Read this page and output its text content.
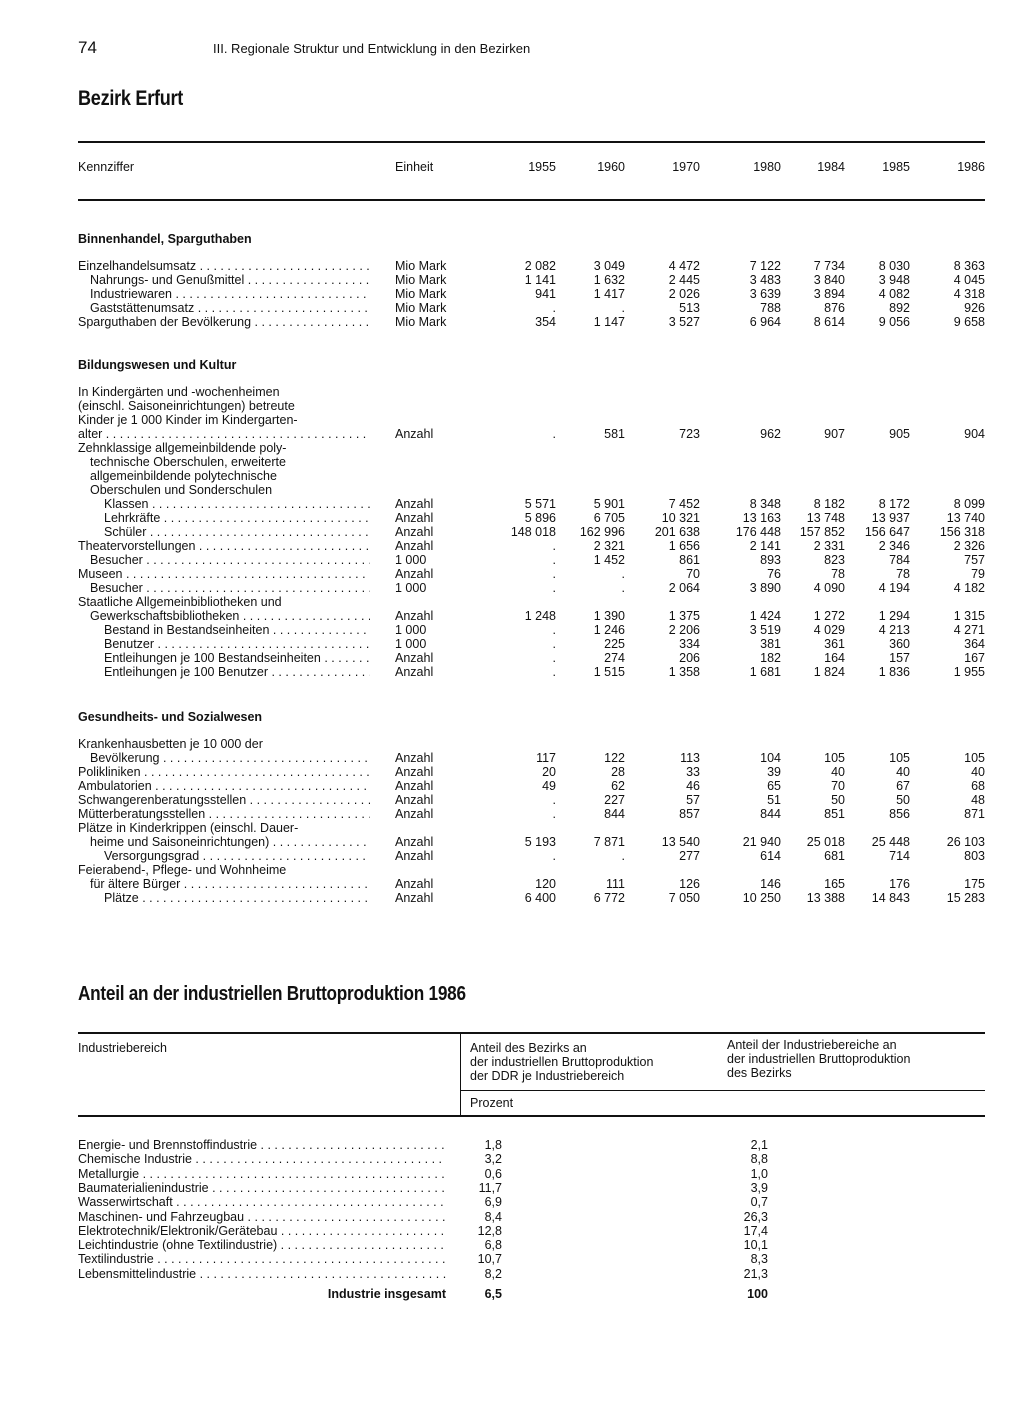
74	III. Regionale Struktur und Entwicklung in den Bezirken
Bezirk Erfurt
Kennziffer	Einheit	1955	1960	1970	1980	1984	1985	1986
Binnenhandel, Sparguthaben
Einzelhandelsumsatz . . .	Mio Mark	2 082	3 049	4 472	7 122	7 734	8 030	8 363
Nahrungs- und Genußmittel . . .	Mio Mark	1 141	1 632	2 445	3 483	3 840	3 948	4 045
Industriewaren . . .	Mio Mark	941	1 417	2 026	3 639	3 894	4 082	4 318
Gaststättenumsatz . . .	Mio Mark	.	.	513	788	876	892	926
Sparguthaben der Bevölkerung . . .	Mio Mark	354	1 147	3 527	6 964	8 614	9 056	9 658
Bildungswesen und Kultur
In Kindergärten und -wochenheimen
(einschl. Saisoneinrichtungen) betreute
Kinder je 1 000 Kinder im Kindergarten-
alter . . .	Anzahl	.	581	723	962	907	905	904
Zehnklassige allgemeinbildende poly-
technische Oberschulen, erweiterte
allgemeinbildende polytechnische
Oberschulen und Sonderschulen
Klassen . . .	Anzahl	5 571	5 901	7 452	8 348	8 182	8 172	8 099
Lehrkräfte . . .	Anzahl	5 896	6 705	10 321	13 163	13 748	13 937	13 740
Schüler . . .	Anzahl	148 018	162 996	201 638	176 448	157 852	156 647	156 318
Theatervorstellungen . . .	Anzahl	.	2 321	1 656	2 141	2 331	2 346	2 326
Besucher . . .	1 000	.	1 452	861	893	823	784	757
Museen . . .	Anzahl	.	.	70	76	78	78	79
Besucher . . .	1 000	.	.	2 064	3 890	4 090	4 194	4 182
Staatliche Allgemeinbibliotheken und
Gewerkschaftsbibliotheken . . .	Anzahl	1 248	1 390	1 375	1 424	1 272	1 294	1 315
Bestand in Bestandseinheiten . . .	1 000	.	1 246	2 206	3 519	4 029	4 213	4 271
Benutzer . . .	1 000	.	225	334	381	361	360	364
Entleihungen je 100 Bestandseinheiten . . .	Anzahl	.	274	206	182	164	157	167
Entleihungen je 100 Benutzer . . .	Anzahl	.	1 515	1 358	1 681	1 824	1 836	1 955
Gesundheits- und Sozialwesen
Krankenhausbetten je 10 000 der
Bevölkerung . . .	Anzahl	117	122	113	104	105	105	105
Polikliniken . . .	Anzahl	20	28	33	39	40	40	40
Ambulatorien . . .	Anzahl	49	62	46	65	70	67	68
Schwangerenberatungsstellen . . .	Anzahl	.	227	57	51	50	50	48
Mütterberatungsstellen . . .	Anzahl	.	844	857	844	851	856	871
Plätze in Kinderkrippen (einschl. Dauer-
heime und Saisoneinrichtungen) . . .	Anzahl	5 193	7 871	13 540	21 940	25 018	25 448	26 103
Versorgungsgrad . . .	Anzahl	.	.	277	614	681	714	803
Feierabend-, Pflege- und Wohnheime
für ältere Bürger . . .	Anzahl	120	111	126	146	165	176	175
Plätze . . .	Anzahl	6 400	6 772	7 050	10 250	13 388	14 843	15 283
Anteil an der industriellen Bruttoproduktion 1986
Industriebereich	Anteil des Bezirks an
der industriellen Bruttoproduktion
der DDR je Industriebereich
Anteil der Industriebereiche an
der industriellen Bruttoproduktion
des Bezirks
Prozent
Energie- und Brennstoffindustrie . . .	1,8	2,1
Chemische Industrie . . .	3,2	8,8
Metallurgie . . .	0,6	1,0
Baumaterialienindustrie . . .	11,7	3,9
Wasserwirtschaft . . .	6,9	0,7
Maschinen- und Fahrzeugbau . . .	8,4	26,3
Elektrotechnik/Elektronik/Gerätebau . . .	12,8	17,4
Leichtindustrie (ohne Textilindustrie) . . .	6,8	10,1
Textilindustrie . . .	10,7	8,3
Lebensmittelindustrie . . .	8,2	21,3
Industrie insgesamt	6,5	100
